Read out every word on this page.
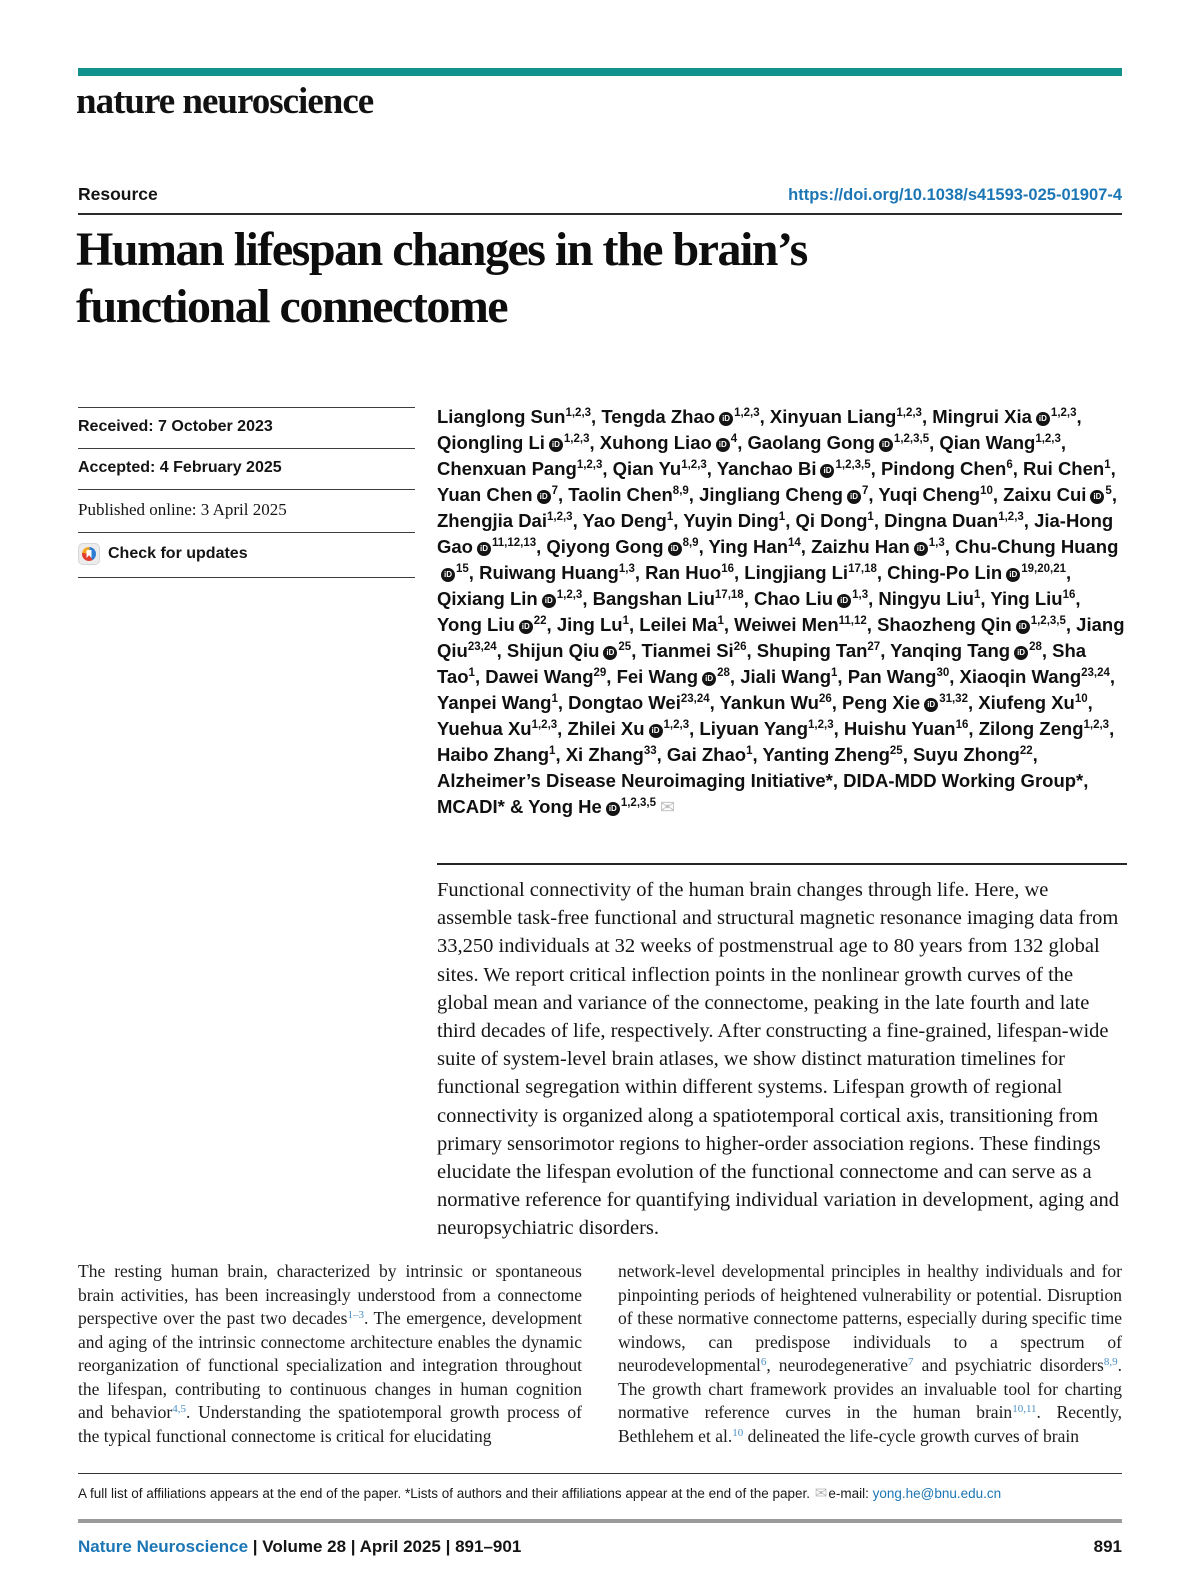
nature neuroscience
Resource	https://doi.org/10.1038/s41593-025-01907-4
Human lifespan changes in the brain’s functional connectome
Received: 7 October 2023
Accepted: 4 February 2025
Published online: 3 April 2025
Check for updates
Lianglong Sun$^{1,2,3}$, Tengda Zhao iD $^{1,2,3}$, Xinyuan Liang$^{1,2,3}$, Mingrui Xia iD $^{1,2,3}$, Qiongling Li iD $^{1,2,3}$, Xuhong Liao iD $^4$, Gaolang Gong iD $^{1,2,3,5}$, Qian Wang$^{1,2,3}$, Chenxuan Pang$^{1,2,3}$, Qian Yu$^{1,2,3}$, Yanchao Bi iD $^{1,2,3,5}$, Pindong Chen$^6$, Rui Chen$^1$, Yuan Chen iD $^7$, Taolin Chen$^{8,9}$, Jingliang Cheng iD $^7$, Yuqi Cheng$^{10}$, Zaixu Cui iD $^5$, Zhengjia Dai$^{1,2,3}$, Yao Deng$^1$, Yuyin Ding$^1$, Qi Dong$^1$, Dingna Duan$^{1,2,3}$, Jia-Hong Gao iD $^{11,12,13}$, Qiyong Gong iD $^{8,9}$, Ying Han$^{14}$, Zaizhu Han iD $^{1,3}$, Chu-Chung HuangiD $^{15}$, Ruiwang Huang$^{1,3}$, Ran Huo$^{16}$, Lingjiang Li$^{17,18}$, Ching-Po Lin iD $^{19,20,21}$, Qixiang Lin iD $^{1,2,3}$, Bangshan Liu$^{17,18}$, Chao Liu iD $^{1,3}$, Ningyu Liu$^1$, Ying Liu$^{16}$, Yong Liu iD $^{22}$, Jing Lu$^1$, Leilei Ma$^1$, Weiwei Men$^{11,12}$, Shaozheng Qin iD $^{1,2,3,5}$, Jiang Qiu$^{23,24}$, Shijun Qiu iD $^{25}$, Tianmei Si$^{26}$, Shuping Tan$^{27}$, Yanqing Tang iD $^{28}$, Sha Tao$^1$, Dawei Wang$^{29}$, Fei Wang iD $^{28}$, Jiali Wang$^1$, Pan Wang$^{30}$, Xiaoqin Wang$^{23,24}$, Yanpei Wang$^1$, Dongtao Wei$^{23,24}$, Yankun Wu$^{26}$, Peng Xie iD $^{31,32}$, Xiufeng Xu$^{10}$, Yuehua Xu$^{1,2,3}$, Zhilei Xu iD $^{1,2,3}$, Liyuan Yang$^{1,2,3}$, Huishu Yuan$^{16}$, Zilong Zeng$^{1,2,3}$, Haibo Zhang$^1$, Xi Zhang$^{33}$, Gai Zhao$^1$, Yanting Zheng$^{25}$, Suyu Zhong$^{22}$, Alzheimer’s Disease Neuroimaging Initiative*, DIDA-MDD Working Group*, MCADI* & Yong He iD $^{1,2,3,5}$ ✉
Functional connectivity of the human brain changes through life. Here, we assemble task-free functional and structural magnetic resonance imaging data from 33,250 individuals at 32 weeks of postmenstrual age to 80 years from 132 global sites. We report critical inflection points in the nonlinear growth curves of the global mean and variance of the connectome, peaking in the late fourth and late third decades of life, respectively. After constructing a fine-grained, lifespan-wide suite of system-level brain atlases, we show distinct maturation timelines for functional segregation within different systems. Lifespan growth of regional connectivity is organized along a spatiotemporal cortical axis, transitioning from primary sensorimotor regions to higher-order association regions. These findings elucidate the lifespan evolution of the functional connectome and can serve as a normative reference for quantifying individual variation in development, aging and neuropsychiatric disorders.
The resting human brain, characterized by intrinsic or spontaneous brain activities, has been increasingly understood from a connectome perspective over the past two decades$^{1-3}$. The emergence, development and aging of the intrinsic connectome architecture enables the dynamic reorganization of functional specialization and integration throughout the lifespan, contributing to continuous changes in human cognition and behavior$^{4,5}$. Understanding the spatiotemporal growth process of the typical functional connectome is critical for elucidating
network-level developmental principles in healthy individuals and for pinpointing periods of heightened vulnerability or potential. Disruption of these normative connectome patterns, especially during specific time windows, can predispose individuals to a spectrum of neurodevelopmental$^6$, neurodegenerative$^7$ and psychiatric disorders$^{8,9}$. The growth chart framework provides an invaluable tool for charting normative reference curves in the human brain$^{10,11}$. Recently, Bethlehem et al.$^{10}$ delineated the life-cycle growth curves of brain
A full list of affiliations appears at the end of the paper. *Lists of authors and their affiliations appear at the end of the paper. ✉e-mail: yong.he@bnu.edu.cn
Nature Neuroscience | Volume 28 | April 2025 | 891–901	891
